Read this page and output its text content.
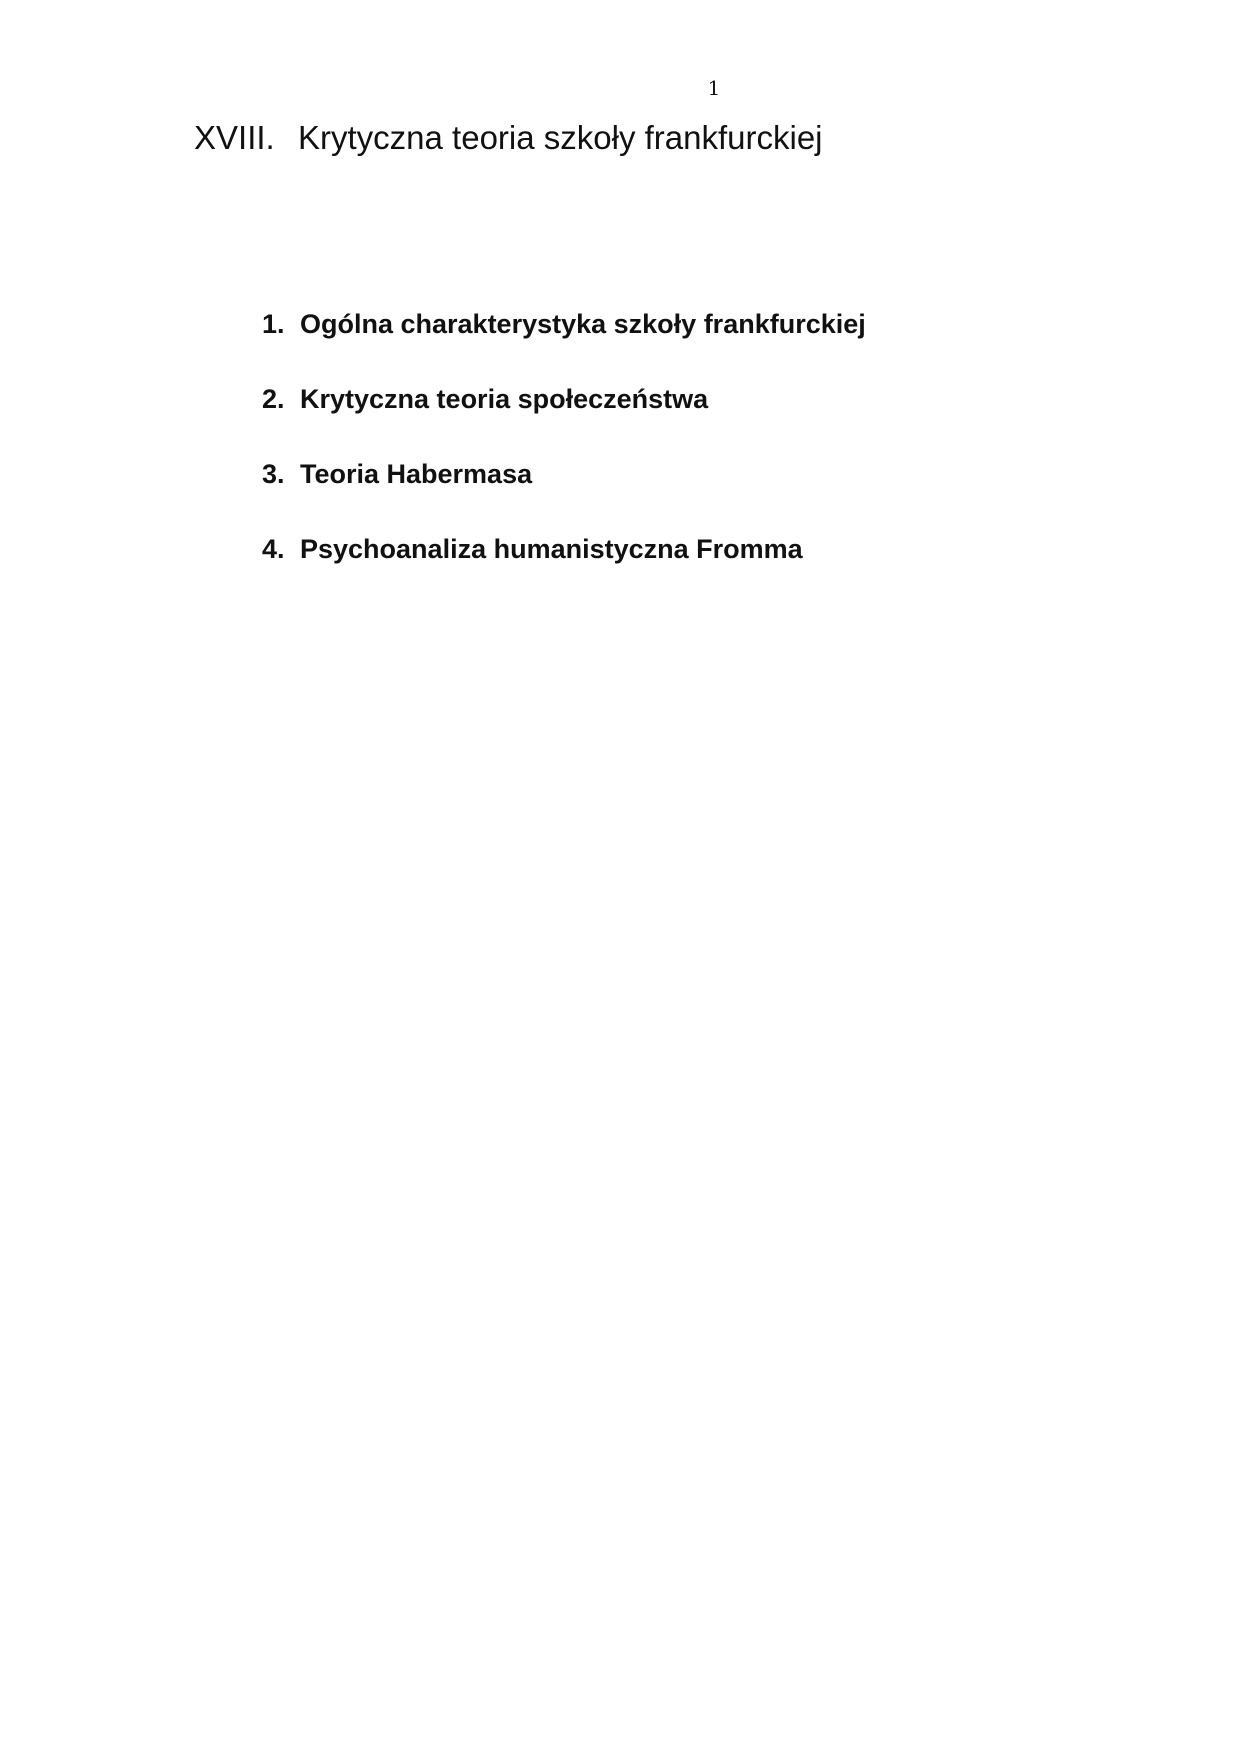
1
XVIII. Krytyczna teoria szkoły frankfurckiej
1. Ogólna charakterystyka szkoły frankfurckiej
2. Krytyczna teoria społeczeństwa
3. Teoria Habermasa
4. Psychoanaliza humanistyczna Fromma
